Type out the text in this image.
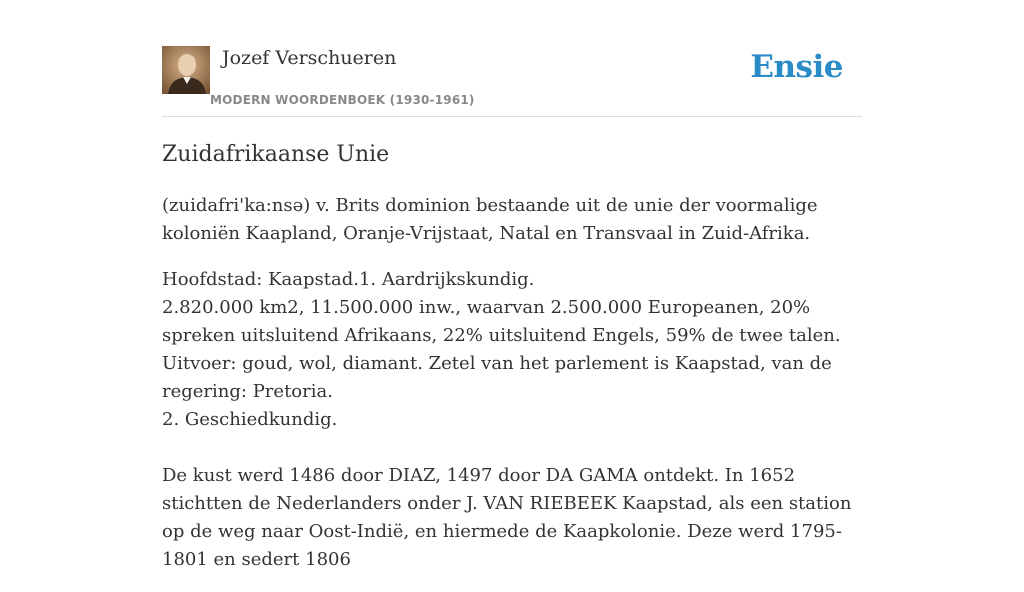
Jozef Verschueren
MODERN WOORDENBOEK (1930-1961)
Ensie
Zuidafrikaanse Unie

(zuidafri'ka:nsə) v. Brits dominion bestaande uit de unie der voormalige koloniën Kaapland, Oranje-Vrijstaat, Natal en Transvaal in Zuid-Afrika.

Hoofdstad: Kaapstad.1. Aardrijkskundig.
2.820.000 km2, 11.500.000 inw., waarvan 2.500.000 Europeanen, 20% spreken uitsluitend Afrikaans, 22% uitsluitend Engels, 59% de twee talen. Uitvoer: goud, wol, diamant. Zetel van het parlement is Kaapstad, van de regering: Pretoria.
2. Geschiedkundig.

De kust werd 1486 door DIAZ, 1497 door DA GAMA ontdekt. In 1652 stichtten de Nederlanders onder J. VAN RIEBEEK Kaapstad, als een station op de weg naar Oost-Indië, en hiermede de Kaapkolonie. Deze werd 1795-1801 en sedert 1806
